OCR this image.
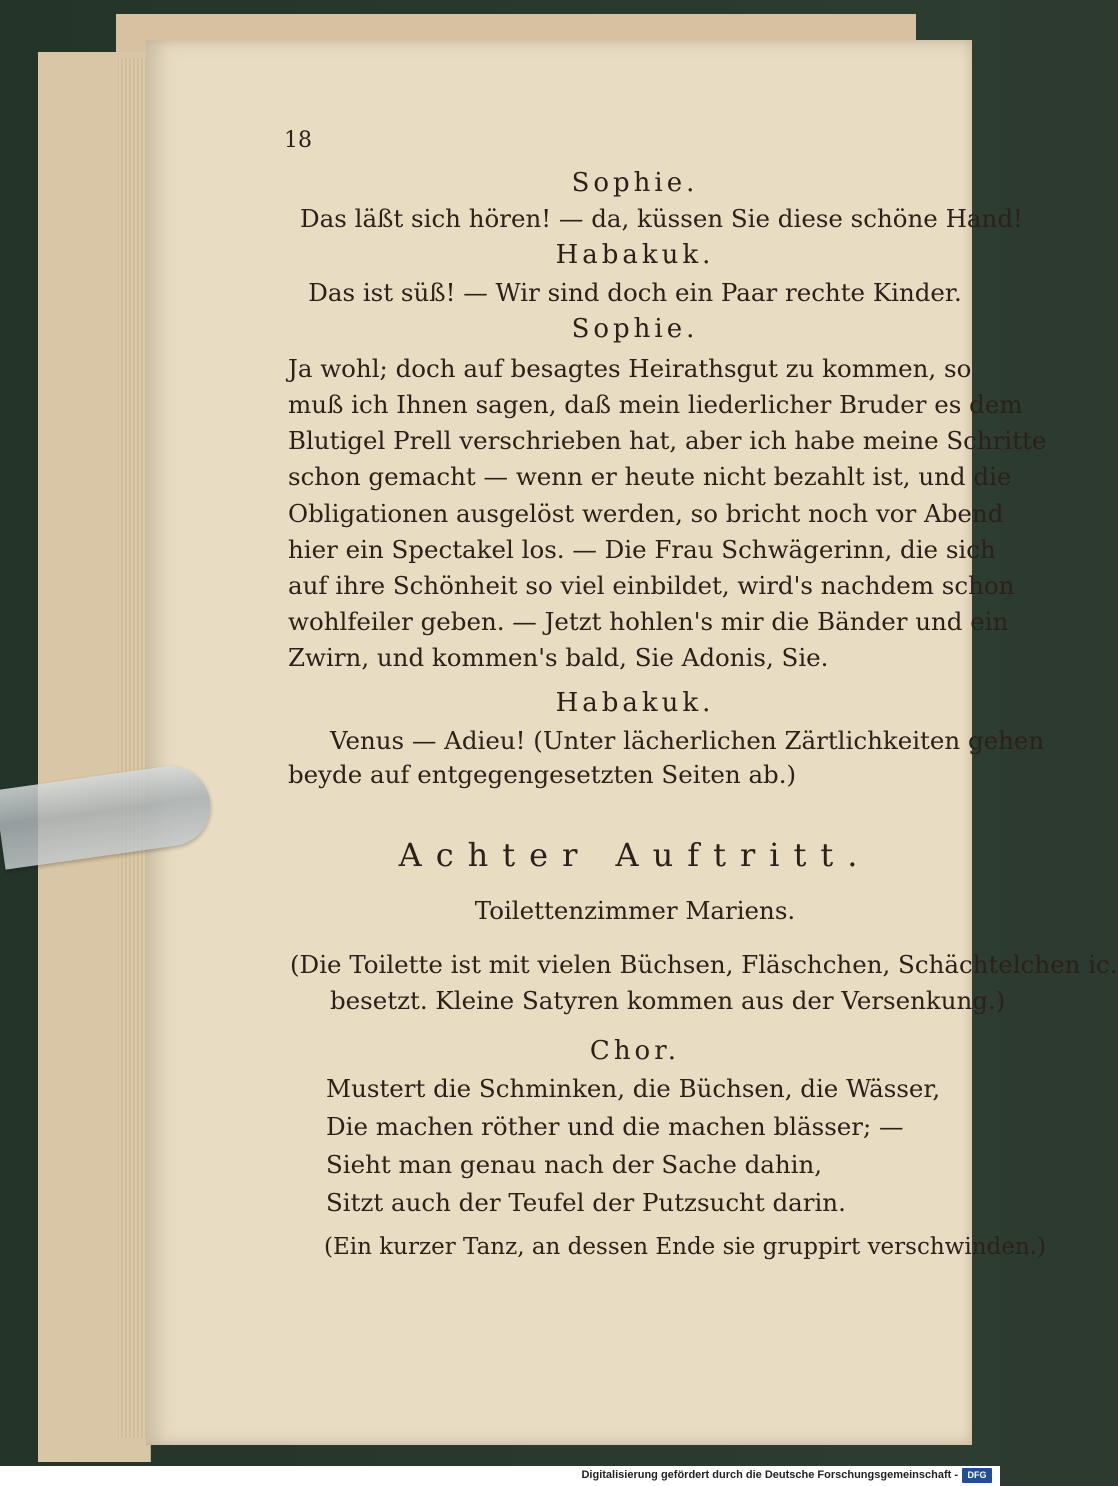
18
Sophie.
Das läßt sich hören! — da, küssen Sie diese schöne Hand!
Habakuk.
Das ist süß! — Wir sind doch ein Paar rechte Kinder.
Sophie.
Ja wohl; doch auf besagtes Heirathsgut zu kommen, so
muß ich Ihnen sagen, daß mein liederlicher Bruder es dem
Blutigel Prell verschrieben hat, aber ich habe meine Schritte
schon gemacht — wenn er heute nicht bezahlt ist, und die
Obligationen ausgelöst werden, so bricht noch vor Abend
hier ein Spectakel los. — Die Frau Schwägerinn, die sich
auf ihre Schönheit so viel einbildet, wird's nachdem schon
wohlfeiler geben. — Jetzt hohlen's mir die Bänder und ein
Zwirn, und kommen's bald, Sie Adonis, Sie.
Habakuk.
Venus — Adieu! (Unter lächerlichen Zärtlichkeiten gehen
beyde auf entgegengesetzten Seiten ab.)
Achter Auftritt.
Toilettenzimmer Mariens.
(Die Toilette ist mit vielen Büchsen, Fläschchen, Schächtelchen ic.
besetzt. Kleine Satyren kommen aus der Versenkung.)
Chor.
Mustert die Schminken, die Büchsen, die Wässer,
Die machen röther und die machen blässer; —
Sieht man genau nach der Sache dahin,
Sitzt auch der Teufel der Putzsucht darin.
(Ein kurzer Tanz, an dessen Ende sie gruppirt verschwinden.)
Digitalisierung gefördert durch die Deutsche Forschungsgemeinschaft -	DFG
